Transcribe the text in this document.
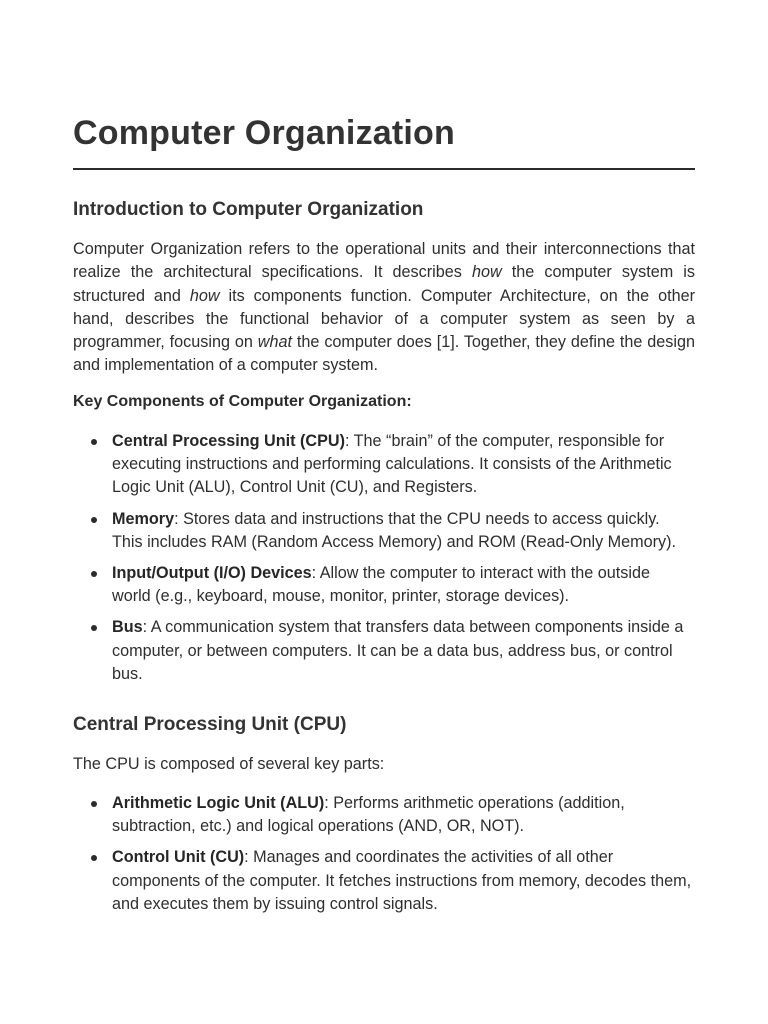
Computer Organization
Introduction to Computer Organization

Computer Organization refers to the operational units and their interconnections that realize the architectural specifications. It describes how the computer system is structured and how its components function. Computer Architecture, on the other hand, describes the functional behavior of a computer system as seen by a programmer, focusing on what the computer does [1]. Together, they define the design and implementation of a computer system.

Key Components of Computer Organization:

Central Processing Unit (CPU): The “brain” of the computer, responsible for executing instructions and performing calculations. It consists of the Arithmetic Logic Unit (ALU), Control Unit (CU), and Registers.
Memory: Stores data and instructions that the CPU needs to access quickly. This includes RAM (Random Access Memory) and ROM (Read-Only Memory).
Input/Output (I/O) Devices: Allow the computer to interact with the outside world (e.g., keyboard, mouse, monitor, printer, storage devices).
Bus: A communication system that transfers data between components inside a computer, or between computers. It can be a data bus, address bus, or control bus.
Central Processing Unit (CPU)

The CPU is composed of several key parts:

Arithmetic Logic Unit (ALU): Performs arithmetic operations (addition, subtraction, etc.) and logical operations (AND, OR, NOT).
Control Unit (CU): Manages and coordinates the activities of all other components of the computer. It fetches instructions from memory, decodes them, and executes them by issuing control signals.
